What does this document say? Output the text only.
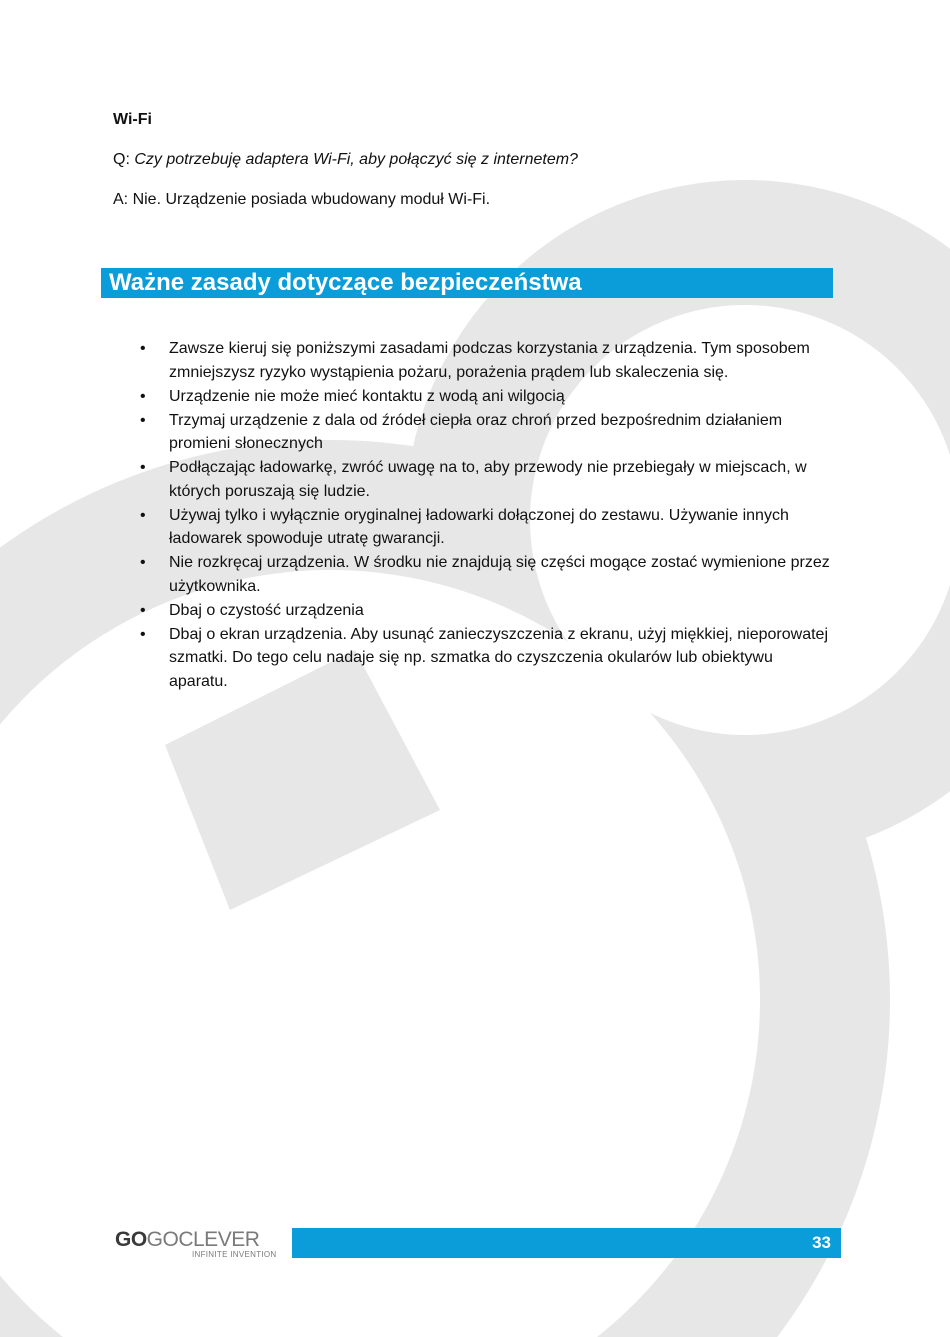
Wi-Fi

Q: Czy potrzebuję adaptera Wi-Fi, aby połączyć się z internetem?

A: Nie. Urządzenie posiada wbudowany moduł Wi-Fi.

Ważne zasady dotyczące bezpieczeństwa
• Zawsze kieruj się poniższymi zasadami podczas korzystania z urządzenia. Tym sposobem zmniejszysz ryzyko wystąpienia pożaru, porażenia prądem lub skaleczenia się.
• Urządzenie nie może mieć kontaktu z wodą ani wilgocią
• Trzymaj urządzenie z dala od źródeł ciepła oraz chroń przed bezpośrednim działaniem promieni słonecznych
• Podłączając ładowarkę, zwróć uwagę na to, aby przewody nie przebiegały w miejscach, w których poruszają się ludzie.
• Używaj tylko i wyłącznie oryginalnej ładowarki dołączonej do zestawu. Używanie innych ładowarek spowoduje utratę gwarancji.
• Nie rozkręcaj urządzenia. W środku nie znajdują się części mogące zostać wymienione przez użytkownika.
• Dbaj o czystość urządzenia
• Dbaj o ekran urządzenia. Aby usunąć zanieczyszczenia z ekranu, użyj miękkiej, nieporowatej szmatki. Do tego celu nadaje się np. szmatka do czyszczenia okularów lub obiektywu aparatu.
GOGOCLEVER
INFINITE INVENTION
33
